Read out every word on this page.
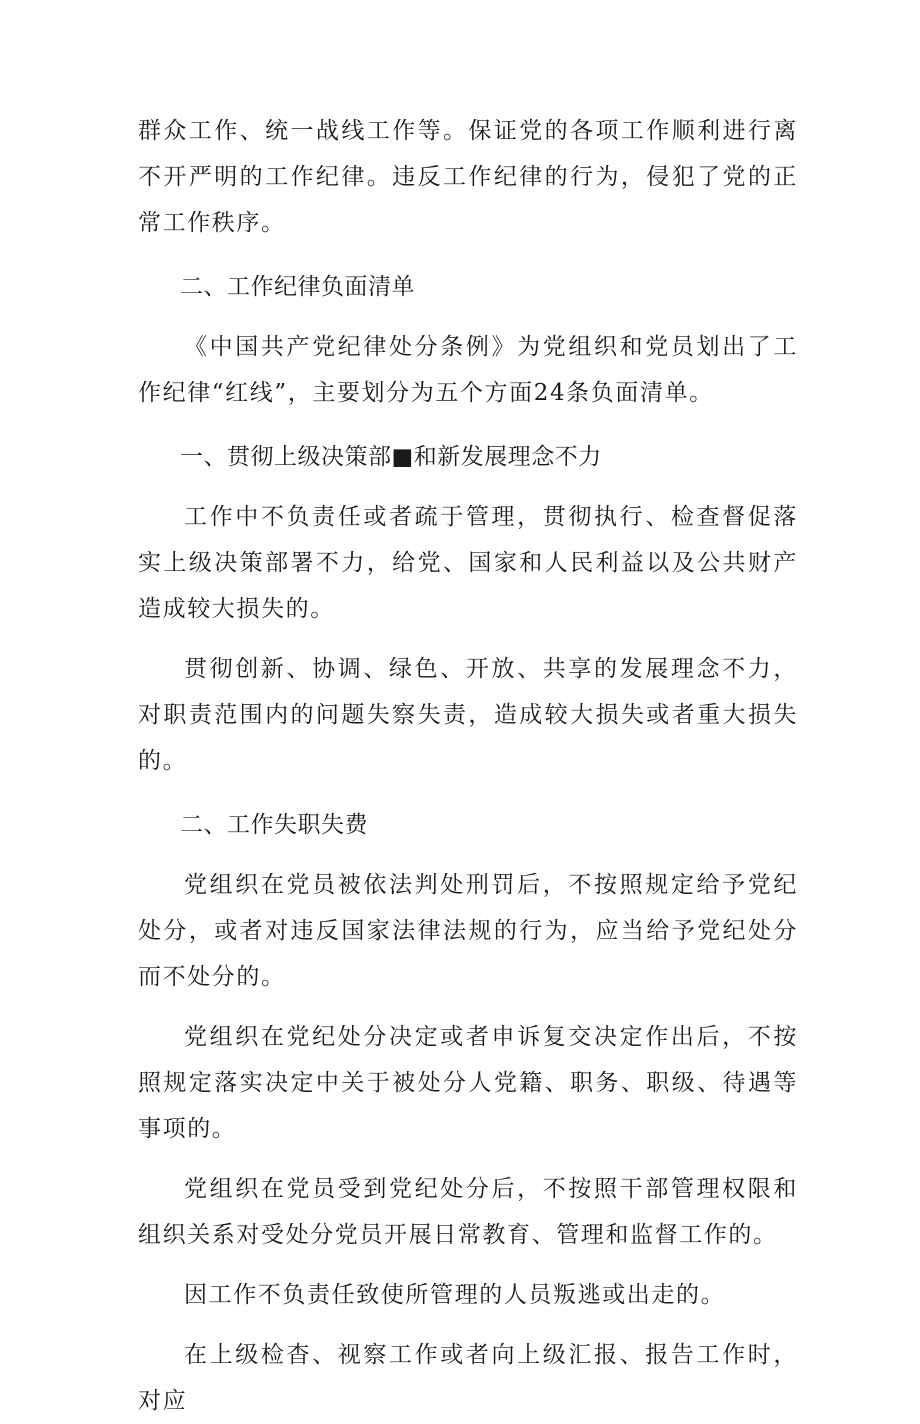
群众工作、统一战线工作等。保证党的各项工作顺利进行离不开严明的工作纪律。违反工作纪律的行为，侵犯了党的正常工作秩序。

二、工作纪律负面清单

《中国共产党纪律处分条例》为党组织和党员划出了工作纪律“红线”，主要划分为五个方面24条负面清单。

一、贯彻上级决策部■和新发展理念不力

工作中不负责任或者疏于管理，贯彻执行、检查督促落实上级决策部署不力，给党、国家和人民利益以及公共财产造成较大损失的。

贯彻创新、协调、绿色、开放、共享的发展理念不力，对职责范围内的问题失察失责，造成较大损失或者重大损失的。

二、工作失职失费

党组织在党员被依法判处刑罚后，不按照规定给予党纪处分，或者对违反国家法律法规的行为，应当给予党纪处分而不处分的。

党组织在党纪处分决定或者申诉复交决定作出后，不按照规定落实决定中关于被处分人党籍、职务、职级、待遇等事项的。

党组织在党员受到党纪处分后，不按照干部管理权限和组织关系对受处分党员开展日常教育、管理和监督工作的。

因工作不负责任致使所管理的人员叛逃或出走的。

在上级检杳、视察工作或者向上级汇报、报告工作时，对应
